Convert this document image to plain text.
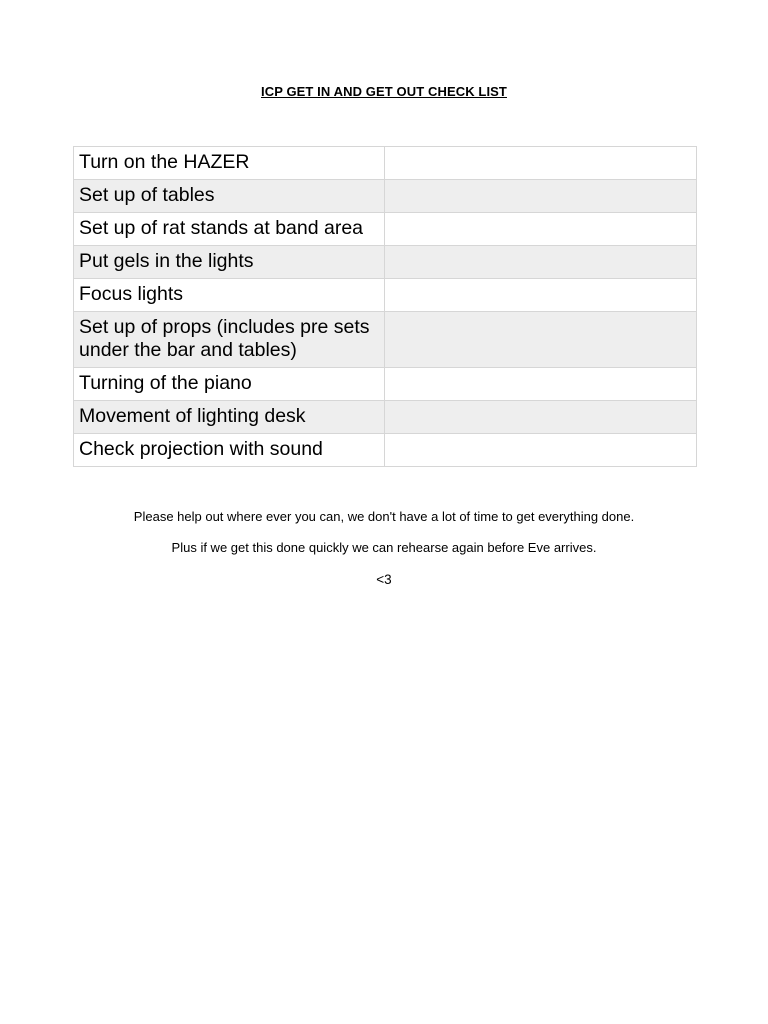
ICP GET IN AND GET OUT CHECK LIST
Turn on the HAZER	
Set up of tables	
Set up of rat stands at band area	
Put gels in the lights	
Focus lights	
Set up of props (includes pre sets under the bar and tables)	
Turning of the piano	
Movement of lighting desk	
Check projection with sound	
Please help out where ever you can, we don't have a lot of time to get everything done.
Plus if we get this done quickly we can rehearse again before Eve arrives.
<3
